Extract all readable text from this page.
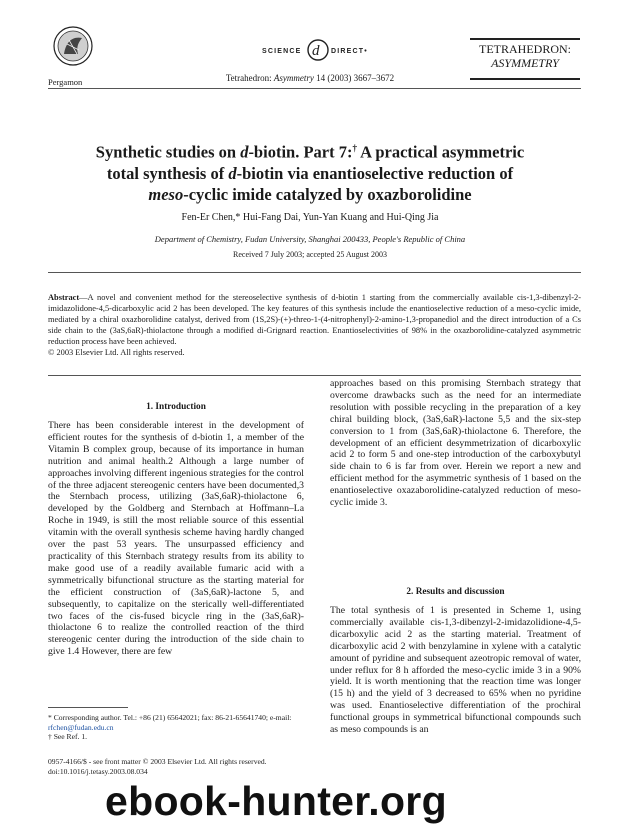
Pergamon
SCIENCE d DIRECT•	TETRAHEDRON:
ASYMMETRY
Tetrahedron: Asymmetry 14 (2003) 3667–3672
Synthetic studies on d-biotin. Part 7:† A practical asymmetric
total synthesis of d-biotin via enantioselective reduction of
meso-cyclic imide catalyzed by oxazborolidine
Fen-Er Chen,* Hui-Fang Dai, Yun-Yan Kuang and Hui-Qing Jia
Department of Chemistry, Fudan University, Shanghai 200433, People's Republic of China
Received 7 July 2003; accepted 25 August 2003
Abstract—A novel and convenient method for the stereoselective synthesis of d-biotin 1 starting from the commercially available cis-1,3-dibenzyl-2-imidazolidone-4,5-dicarboxylic acid 2 has been developed. The key features of this synthesis include the enantioselective reduction of a meso-cyclic imide, mediated by a chiral oxazborolidine catalyst, derived from (1S,2S)-(+)-threo-1-(4-nitrophenyl)-2-amino-1,3-propanediol and the direct introduction of a Cs side chain to the (3aS,6aR)-thiolactone through a modified di-Grignard reaction. Enantioselectivities of 98% in the oxazborolidine-catalyzed asymmetric reduction process have been achieved.
© 2003 Elsevier Ltd. All rights reserved.
1. Introduction
There has been considerable interest in the development of efficient routes for the synthesis of d-biotin 1, a member of the Vitamin B complex group, because of its importance in human nutrition and animal health.2 Although a large number of approaches involving different ingenious strategies for the control of the three adjacent stereogenic centers have been documented,3 the Sternbach process, utilizing (3aS,6aR)-thiolactone 6, developed by the Goldberg and Sternbach at Hoffmann–La Roche in 1949, is still the most reliable source of this essential vitamin with the overall synthesis scheme having hardly changed over the past 53 years. The unsurpassed efficiency and practicality of this Sternbach strategy results from its ability to make good use of a readily available fumaric acid with a symmetrically bifunctional structure as the starting material for the efficient construction of (3aS,6aR)-lactone 5, and subsequently, to capitalize on the sterically well-differentiated two faces of the cis-fused bicycle ring in the (3aS,6aR)-thiolactone 6 to realize the controlled reaction of the third stereogenic center during the introduction of the side chain to give 1.4 However, there are few
* Corresponding author. Tel.: +86 (21) 65642021; fax: 86-21-65641740; e-mail: rfchen@fudan.edu.cn
† See Ref. 1.
0957-4166/$ - see front matter © 2003 Elsevier Ltd. All rights reserved.
doi:10.1016/j.tetasy.2003.08.034
approaches based on this promising Sternbach strategy that overcome drawbacks such as the need for an intermediate resolution with possible recycling in the preparation of a key chiral building block, (3aS,6aR)-lactone 5,5 and the six-step conversion to 1 from (3aS,6aR)-thiolactone 6. Therefore, the development of an efficient desymmetrization of dicarboxylic acid 2 to form 5 and one-step introduction of the carboxybutyl side chain to 6 is far from over. Herein we report a new and efficient method for the asymmetric synthesis of 1 based on the enantioselective oxazaborolidine-catalyzed reduction of meso-cyclic imide 3.
2. Results and discussion
The total synthesis of 1 is presented in Scheme 1, using commercially available cis-1,3-dibenzyl-2-imidazolidione-4,5-dicarboxylic acid 2 as the starting material. Treatment of dicarboxylic acid 2 with benzylamine in xylene with a catalytic amount of pyridine and subsequent azeotropic removal of water, under reflux for 8 h afforded the meso-cyclic imide 3 in a 90% yield. It is worth mentioning that the reaction time was longer (15 h) and the yield of 3 decreased to 65% when no pyridine was used. Enantioselective differentiation of the prochiral functional groups in symmetrical bifunctional compounds such as meso compounds is an
ebook-hunter.org
